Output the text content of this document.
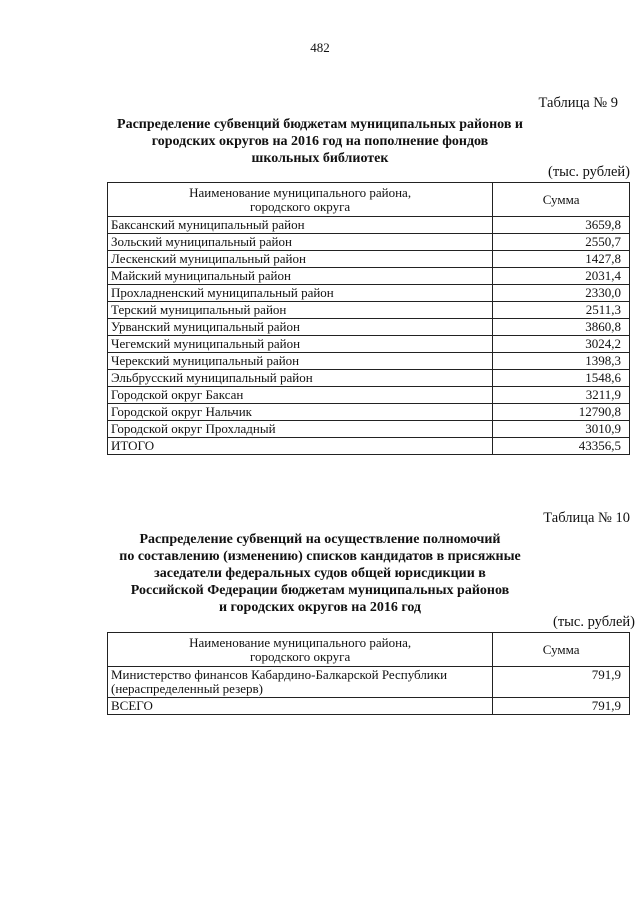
482
Таблица № 9
Распределение субвенций бюджетам муниципальных районов и
городских округов на 2016 год на пополнение фондов
школьных библиотек
(тыс. рублей)
Наименование муниципального района,
городского округа	Сумма
Баксанский муниципальный район	3659,8
Зольский муниципальный район	2550,7
Лескенский муниципальный район	1427,8
Майский муниципальный район	2031,4
Прохладненский муниципальный район	2330,0
Терский муниципальный район	2511,3
Урванский муниципальный район	3860,8
Чегемский муниципальный район	3024,2
Черекский муниципальный район	1398,3
Эльбрусский муниципальный район	1548,6
Городской округ Баксан	3211,9
Городской округ Нальчик	12790,8
Городской округ Прохладный	3010,9
ИТОГО	43356,5
Таблица № 10
Распределение субвенций на осуществление полномочий
по составлению (изменению) списков кандидатов в присяжные
заседатели федеральных судов общей юрисдикции в
Российской Федерации бюджетам муниципальных районов
и городских округов на 2016 год
(тыс. рублей)
Наименование муниципального района,
городского округа	Сумма

Министерство финансов Кабардино-Балкарской Республики
(нераспределенный резерв)	791,9

ВСЕГО	791,9
